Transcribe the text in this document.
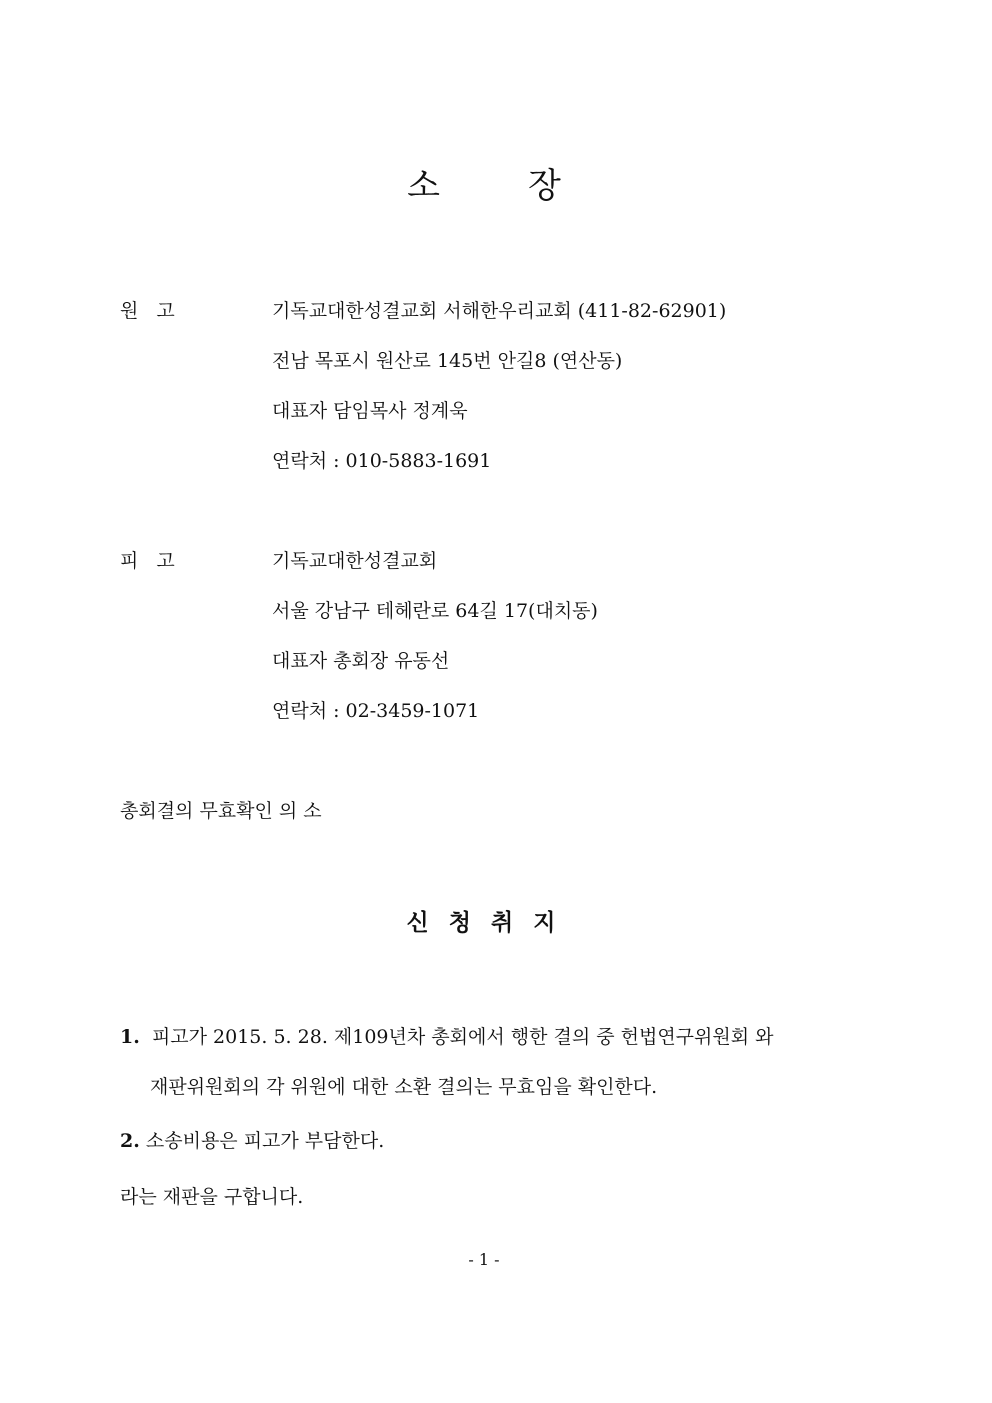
소	장
원 고	기독교대한성결교회 서해한우리교회 (411-82-62901)
전남 목포시 원산로 145번 안길8 (연산동)
대표자 담임목사 정계욱
연락처 : 010-5883-1691
피 고	기독교대한성결교회
서울 강남구 테헤란로 64길 17(대치동)
대표자 총회장 유동선
연락처 : 02-3459-1071
총회결의 무효확인 의 소
신 청 취 지
1. 피고가 2015. 5. 28. 제109년차 총회에서 행한 결의 중 헌법연구위원회 와
재판위원회의 각 위원에 대한 소환 결의는 무효임을 확인한다.
2. 소송비용은 피고가 부담한다.
라는 재판을 구합니다.
- 1 -
